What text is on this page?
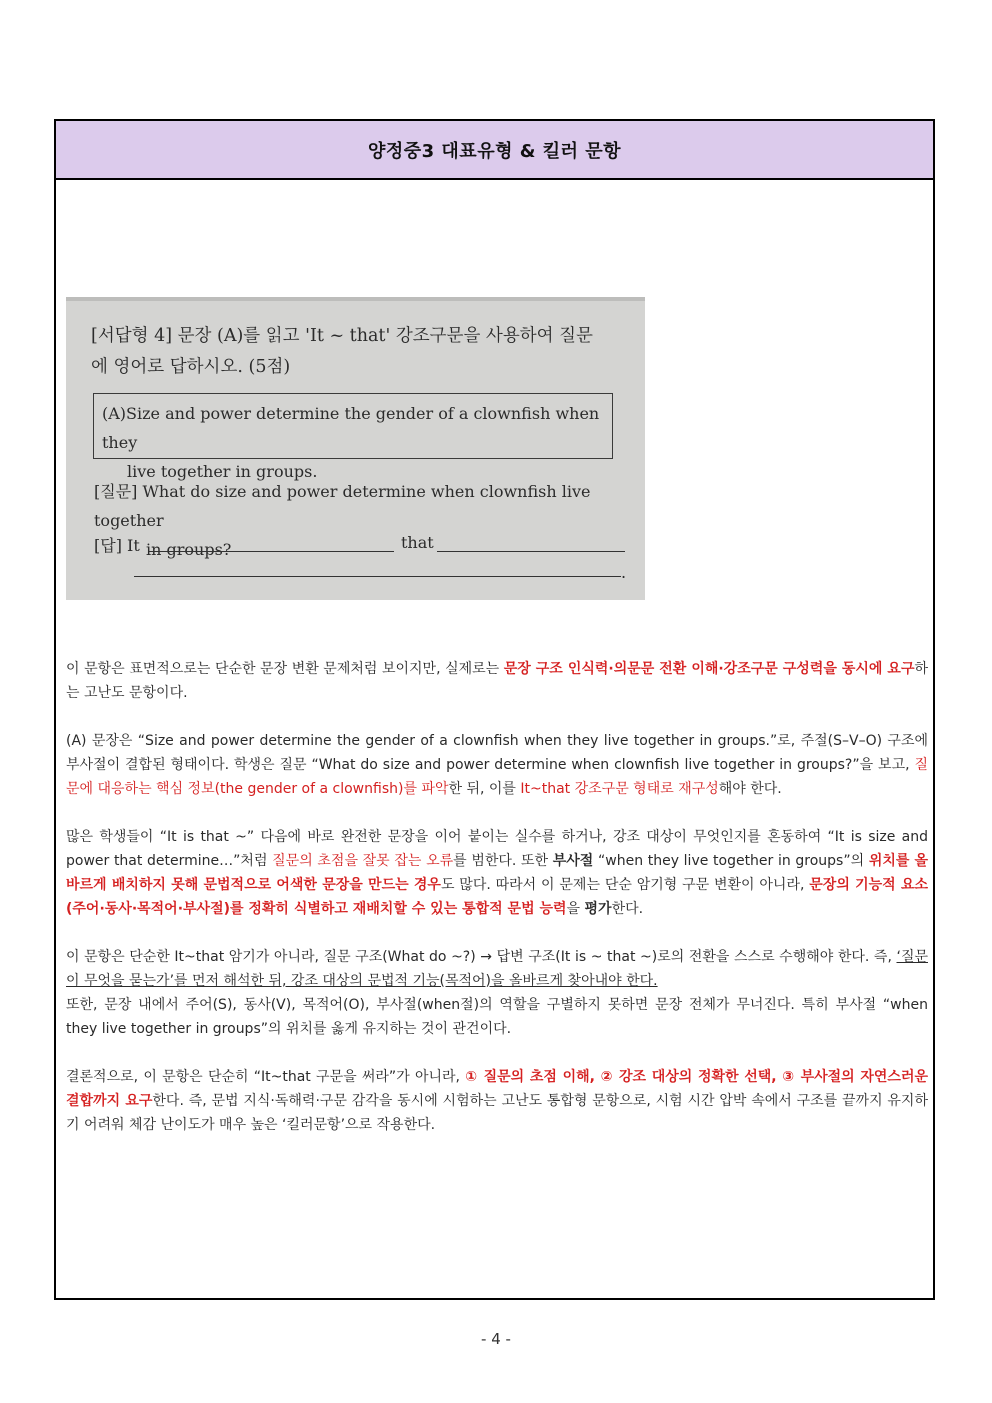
양정중3 대표유형 & 킬러 문항
[서답형 4] 문장 (A)를 읽고 'It ~ that' 강조구문을 사용하여 질문
에 영어로 답하시오. (5점)
(A)Size and power determine the gender of a clownfish when they
live together in groups.
[질문] What do size and power determine when clownfish live together
in groups?
[답] It	that
.

이 문항은 표면적으로는 단순한 문장 변환 문제처럼 보이지만, 실제로는 문장 구조 인식력·의문문 전환 이해·강조구문 구성력을 동시에 요구하는 고난도 문항이다.

(A) 문장은 “Size and power determine the gender of a clownfish when they live together in groups.”로, 주절(S–V–O) 구조에 부사절이 결합된 형태이다. 학생은 질문 “What do size and power determine when clownfish live together in groups?”을 보고, 질문에 대응하는 핵심 정보(the gender of a clownfish)를 파악한 뒤, 이를 It~that 강조구문 형태로 재구성해야 한다.

많은 학생들이 “It is that ~” 다음에 바로 완전한 문장을 이어 붙이는 실수를 하거나, 강조 대상이 무엇인지를 혼동하여 “It is size and power that determine…”처럼 질문의 초점을 잘못 잡는 오류를 범한다. 또한 부사절 “when they live together in groups”의 위치를 올바르게 배치하지 못해 문법적으로 어색한 문장을 만드는 경우도 많다. 따라서 이 문제는 단순 암기형 구문 변환이 아니라, 문장의 기능적 요소(주어·동사·목적어·부사절)를 정확히 식별하고 재배치할 수 있는 통합적 문법 능력을 평가한다.

이 문항은 단순한 It~that 암기가 아니라, 질문 구조(What do ~?) → 답변 구조(It is ~ that ~)로의 전환을 스스로 수행해야 한다. 즉, ‘질문이 무엇을 묻는가’를 먼저 해석한 뒤, 강조 대상의 문법적 기능(목적어)을 올바르게 찾아내야 한다.

또한, 문장 내에서 주어(S), 동사(V), 목적어(O), 부사절(when절)의 역할을 구별하지 못하면 문장 전체가 무너진다. 특히 부사절 “when they live together in groups”의 위치를 옳게 유지하는 것이 관건이다.

결론적으로, 이 문항은 단순히 “It~that 구문을 써라”가 아니라, ① 질문의 초점 이해, ② 강조 대상의 정확한 선택, ③ 부사절의 자연스러운 결합까지 요구한다. 즉, 문법 지식·독해력·구문 감각을 동시에 시험하는 고난도 통합형 문항으로, 시험 시간 압박 속에서 구조를 끝까지 유지하기 어려워 체감 난이도가 매우 높은 ‘킬러문항’으로 작용한다.

- 4 -
